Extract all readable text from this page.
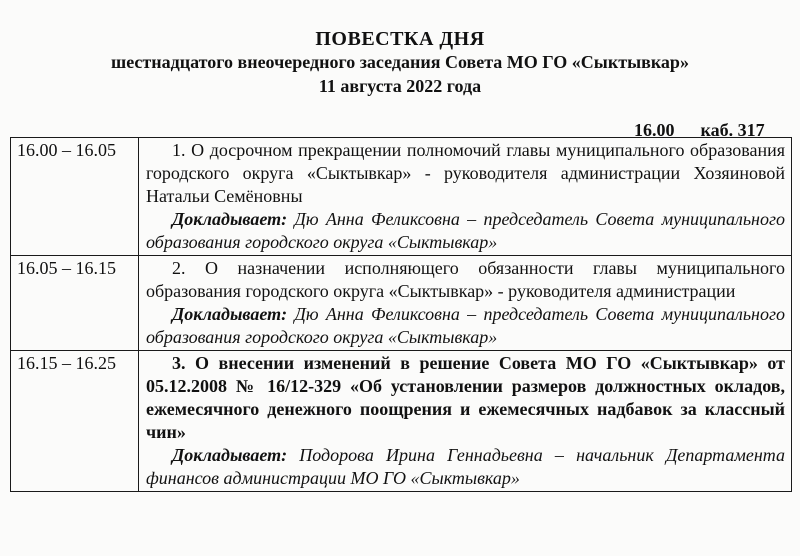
ПОВЕСТКА ДНЯ
шестнадцатого внеочередного заседания Совета МО ГО «Сыктывкар»
11 августа 2022 года
16.00 каб. 317
16.00 – 16.05	1. О досрочном прекращении полномочий главы муниципального образования городского округа «Сыктывкар» - руководителя администрации Хозяиновой Натальи Семёновны
Докладывает: Дю Анна Феликсовна – председатель Совета муниципального образования городского округа «Сыктывкар»

16.05 – 16.15	2. О назначении исполняющего обязанности главы муниципального образования городского округа «Сыктывкар» - руководителя администрации
Докладывает: Дю Анна Феликсовна – председатель Совета муниципального образования городского округа «Сыктывкар»

16.15 – 16.25	3. О внесении изменений в решение Совета МО ГО «Сыктывкар» от 05.12.2008 № 16/12-329 «Об установлении размеров должностных окладов, ежемесячного денежного поощрения и ежемесячных надбавок за классный чин»
Докладывает: Подорова Ирина Геннадьевна – начальник Департамента финансов администрации МО ГО «Сыктывкар»
